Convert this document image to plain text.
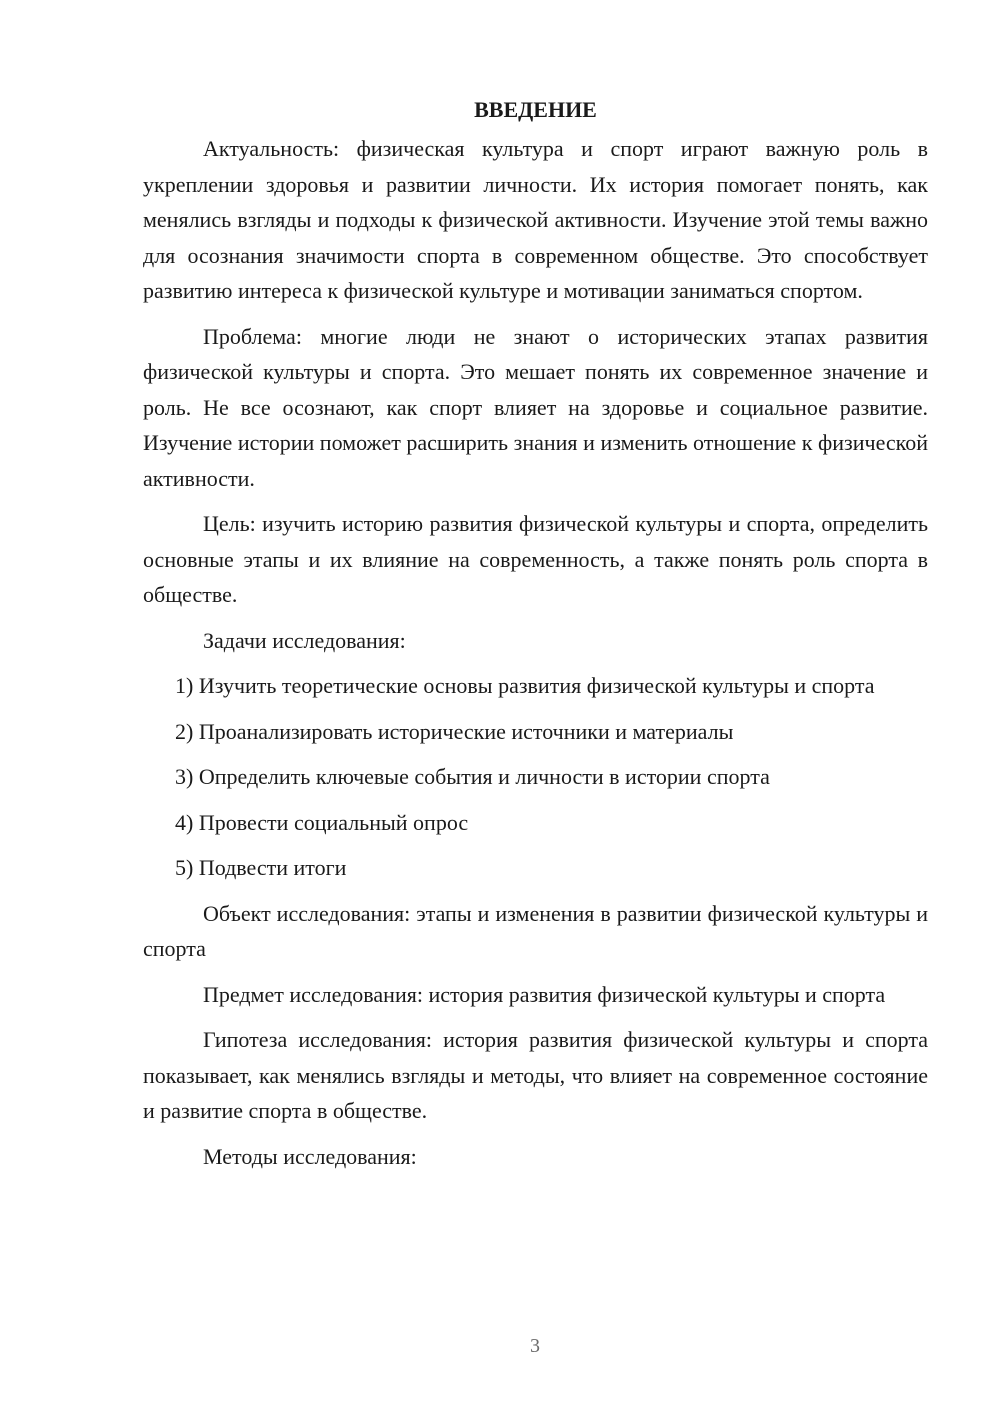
ВВЕДЕНИЕ

Актуальность: физическая культура и спорт играют важную роль в укреплении здоровья и развитии личности. Их история помогает понять, как менялись взгляды и подходы к физической активности. Изучение этой темы важно для осознания значимости спорта в современном обществе. Это способствует развитию интереса к физической культуре и мотивации заниматься спортом.

Проблема: многие люди не знают о исторических этапах развития физической культуры и спорта. Это мешает понять их современное значение и роль. Не все осознают, как спорт влияет на здоровье и социальное развитие. Изучение истории поможет расширить знания и изменить отношение к физической активности.

Цель: изучить историю развития физической культуры и спорта, определить основные этапы и их влияние на современность, а также понять роль спорта в обществе.

Задачи исследования:

1) Изучить теоретические основы развития физической культуры и спорта

2) Проанализировать исторические источники и материалы

3) Определить ключевые события и личности в истории спорта

4) Провести социальный опрос

5) Подвести итоги

Объект исследования: этапы и изменения в развитии физической культуры и спорта

Предмет исследования: история развития физической культуры и спорта

Гипотеза исследования: история развития физической культуры и спорта показывает, как менялись взгляды и методы, что влияет на современное состояние и развитие спорта в обществе.

Методы исследования:

3
